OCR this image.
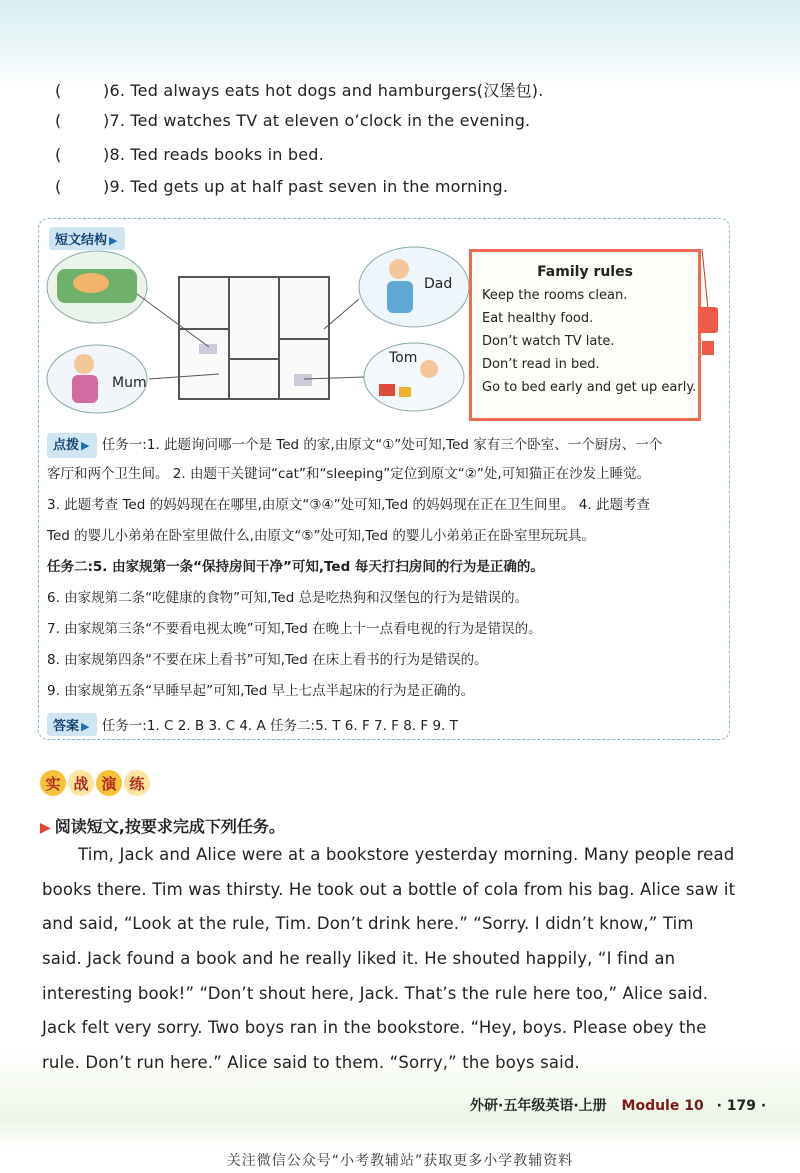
(	)6. Ted always eats hot dogs and hamburgers(汉堡包).
(	)7. Ted watches TV at eleven o’clock in the evening.
(	)8. Ted reads books in bed.
(	)9. Ted gets up at half past seven in the morning.
短文结构 ▶
Dad
Mum
Tom
Family rules
Keep the rooms clean.
Eat healthy food.
Don’t watch TV late.
Don’t read in bed.
Go to bed early and get up early.
点拨 ▶ 任务一:1. 此题询问哪一个是 Ted 的家,由原文“①”处可知,Ted 家有三个卧室、一个厨房、一个
客厅和两个卫生间。 2. 由题干关键词“cat”和“sleeping”定位到原文“②”处,可知猫正在沙发上睡觉。
3. 此题考查 Ted 的妈妈现在在哪里,由原文“③④”处可知,Ted 的妈妈现在正在卫生间里。 4. 此题考查
Ted 的婴儿小弟弟在卧室里做什么,由原文“⑤”处可知,Ted 的婴儿小弟弟正在卧室里玩玩具。
任务二:5. 由家规第一条“保持房间干净”可知,Ted 每天打扫房间的行为是正确的。
6. 由家规第二条“吃健康的食物”可知,Ted 总是吃热狗和汉堡包的行为是错误的。
7. 由家规第三条“不要看电视太晚”可知,Ted 在晚上十一点看电视的行为是错误的。
8. 由家规第四条“不要在床上看书”可知,Ted 在床上看书的行为是错误的。
9. 由家规第五条“早睡早起”可知,Ted 早上七点半起床的行为是正确的。
答案 ▶ 任务一:1. C 2. B 3. C 4. A 任务二:5. T 6. F 7. F 8. F 9. T
实 战 演 练
▶ 阅读短文,按要求完成下列任务。
Tim, Jack and Alice were at a bookstore yesterday morning. Many people read
books there. Tim was thirsty. He took out a bottle of cola from his bag. Alice saw it
and said, “Look at the rule, Tim. Don’t drink here.” “Sorry. I didn’t know,” Tim
said. Jack found a book and he really liked it. He shouted happily, “I find an
interesting book!” “Don’t shout here, Jack. That’s the rule here too,” Alice said.
Jack felt very sorry. Two boys ran in the bookstore. “Hey, boys. Please obey the
rule. Don’t run here.” Alice said to them. “Sorry,” the boys said.
外研·五年级英语·上册 Module 10 · 179 ·
关注微信公众号“小考教辅站”获取更多小学教辅资料
